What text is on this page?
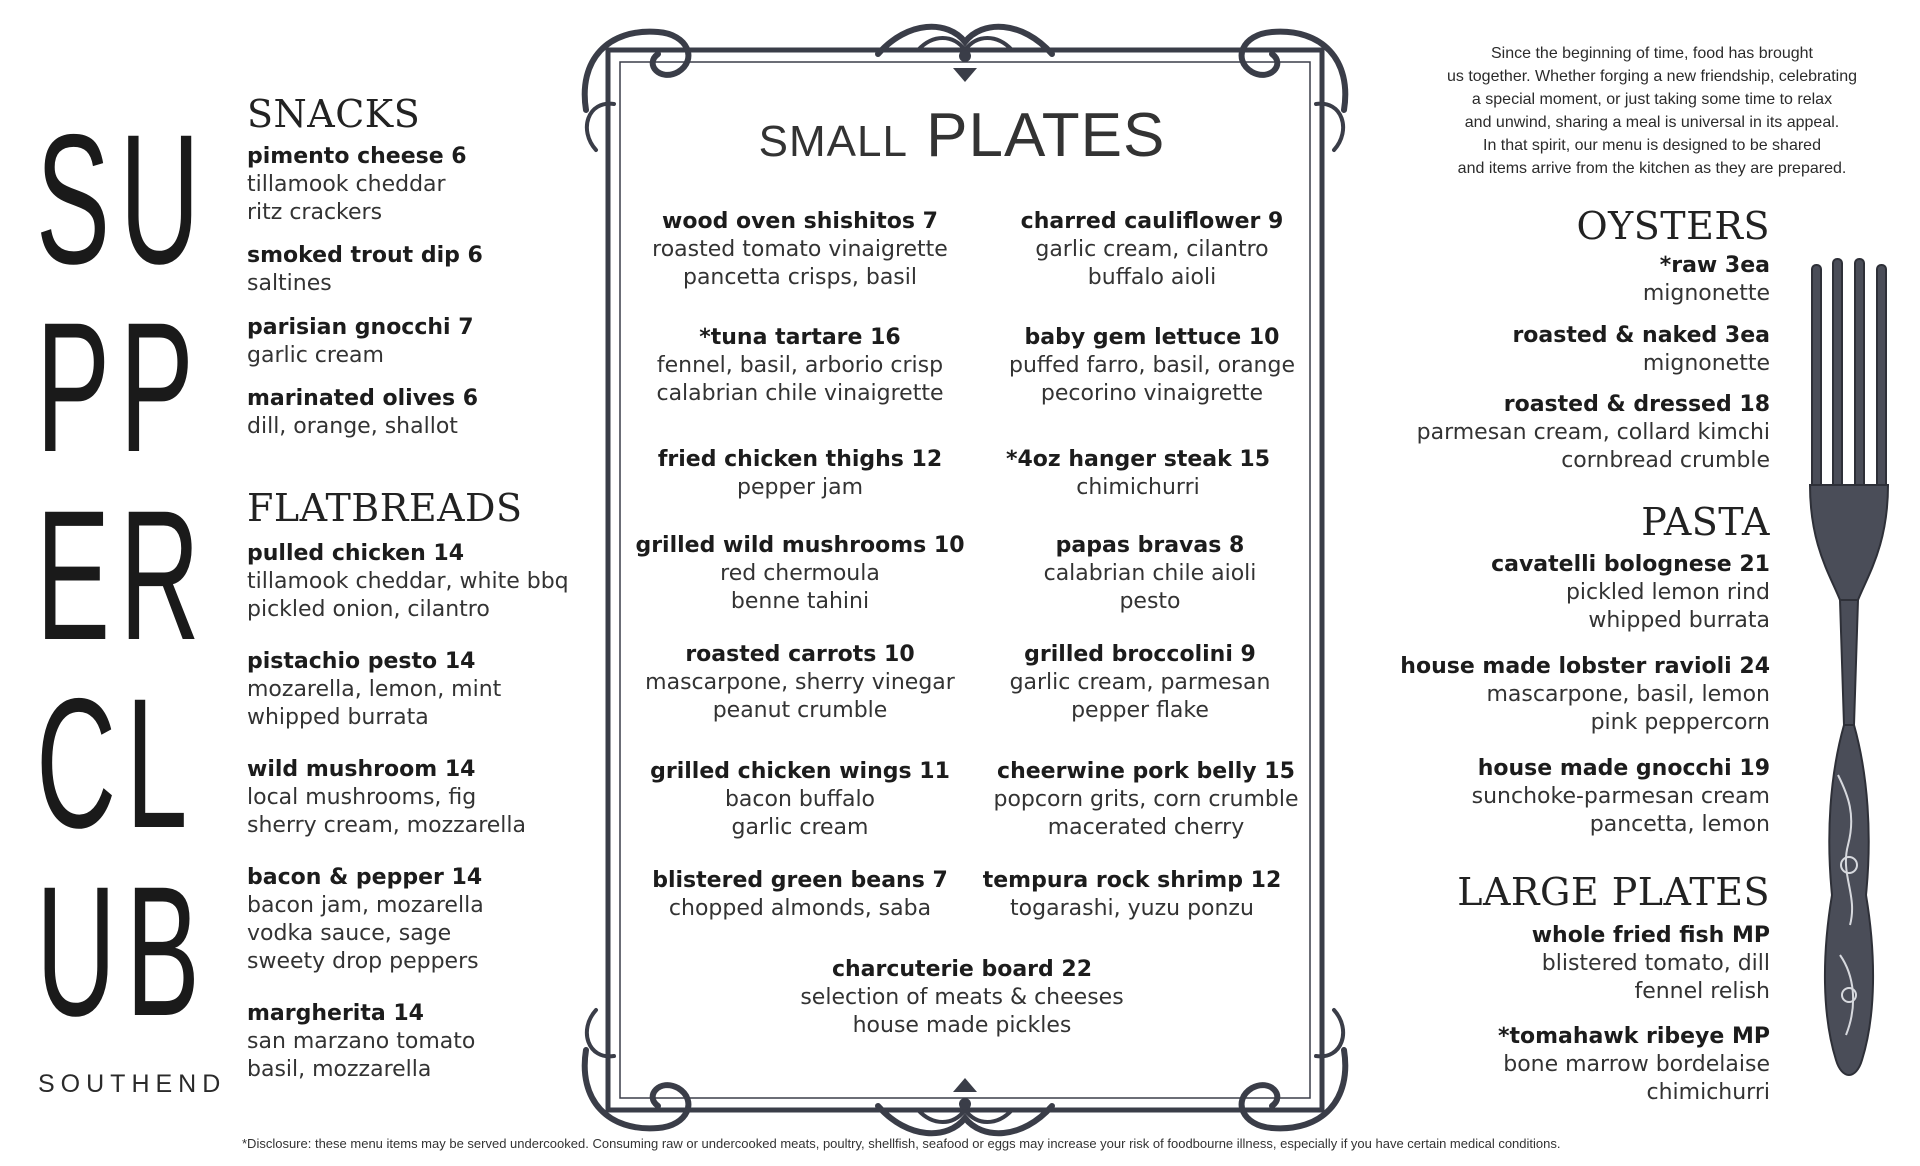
SU
PP
ER
CL
UB
SOUTHEND
SNACKS
pimento cheese 6
tillamook cheddar
ritz crackers
smoked trout dip 6
saltines
parisian gnocchi 7
garlic cream
marinated olives 6
dill, orange, shallot
FLATBREADS
pulled chicken 14
tillamook cheddar, white bbq
pickled onion, cilantro
pistachio pesto 14
mozarella, lemon, mint
whipped burrata
wild mushroom 14
local mushrooms, fig
sherry cream, mozzarella
bacon & pepper 14
bacon jam, mozarella
vodka sauce, sage
sweety drop peppers
margherita 14
san marzano tomato
basil, mozzarella
SMALL PLATES
wood oven shishitos 7
roasted tomato vinaigrette
pancetta crisps, basil
*tuna tartare 16
fennel, basil, arborio crisp
calabrian chile vinaigrette
fried chicken thighs 12
pepper jam
grilled wild mushrooms 10
red chermoula
benne tahini
roasted carrots 10
mascarpone, sherry vinegar
peanut crumble
grilled chicken wings 11
bacon buffalo
garlic cream
blistered green beans 7
chopped almonds, saba
charred cauliflower 9
garlic cream, cilantro
buffalo aioli
baby gem lettuce 10
puffed farro, basil, orange
pecorino vinaigrette
*4oz hanger steak 15
chimichurri
papas bravas 8
calabrian chile aioli
pesto
grilled broccolini 9
garlic cream, parmesan
pepper flake
cheerwine pork belly 15
popcorn grits, corn crumble
macerated cherry
tempura rock shrimp 12
togarashi, yuzu ponzu
charcuterie board 22
selection of meats & cheeses
house made pickles
Since the beginning of time, food has brought
us together. Whether forging a new friendship, celebrating
a special moment, or just taking some time to relax
and unwind, sharing a meal is universal in its appeal.
In that spirit, our menu is designed to be shared
and items arrive from the kitchen as they are prepared.
OYSTERS
*raw 3ea
mignonette
roasted & naked 3ea
mignonette
roasted & dressed 18
parmesan cream, collard kimchi
cornbread crumble
PASTA
cavatelli bolognese 21
pickled lemon rind
whipped burrata
house made lobster ravioli 24
mascarpone, basil, lemon
pink peppercorn
house made gnocchi 19
sunchoke-parmesan cream
pancetta, lemon
LARGE PLATES
whole fried fish MP
blistered tomato, dill
fennel relish
*tomahawk ribeye MP
bone marrow bordelaise
chimichurri
*Disclosure: these menu items may be served undercooked. Consuming raw or undercooked meats, poultry, shellfish, seafood or eggs may increase your risk of foodbourne illness, especially if you have certain medical conditions.
